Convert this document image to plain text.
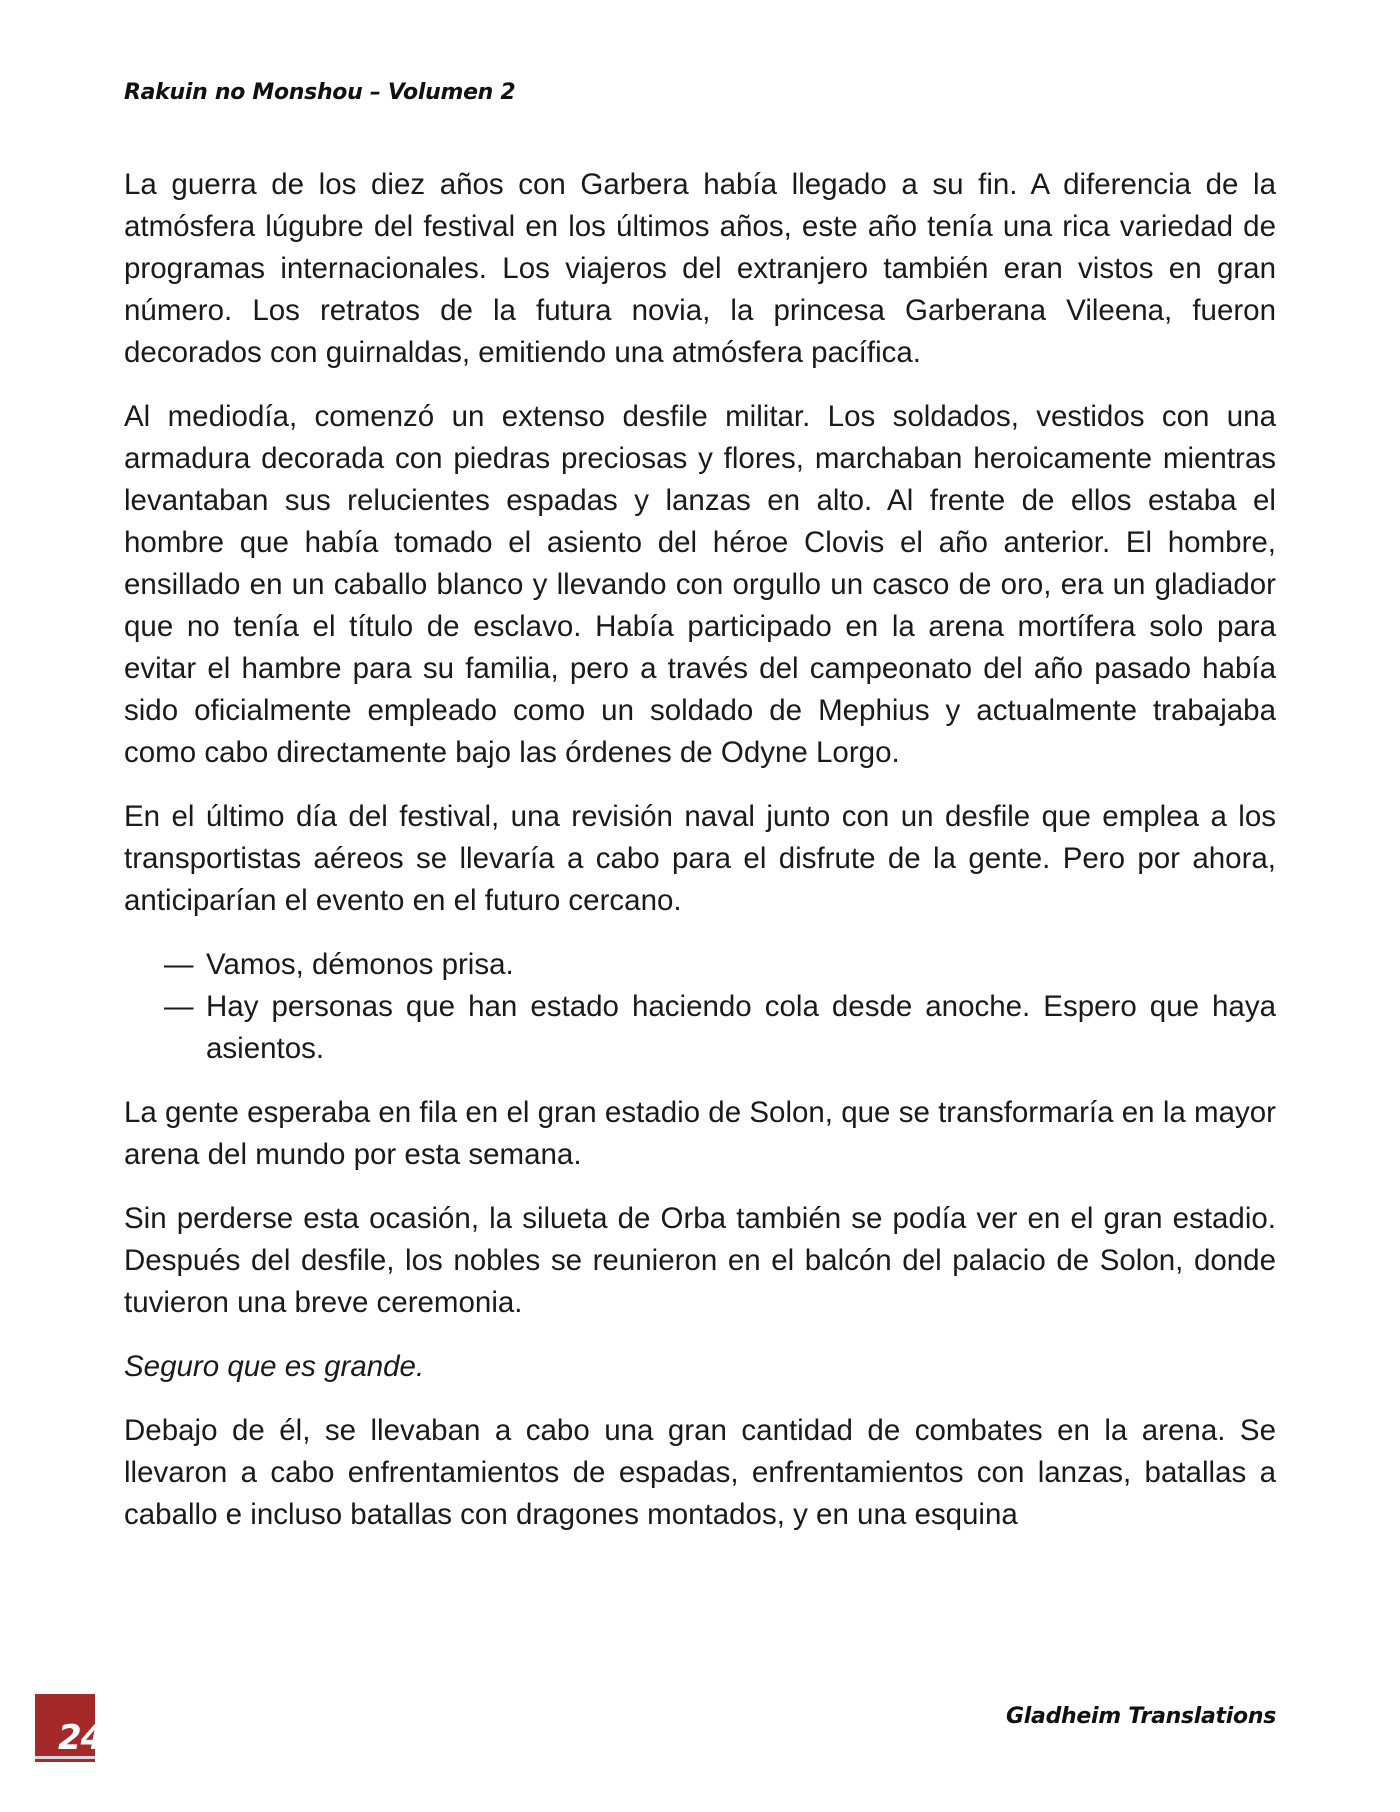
Rakuin no Monshou – Volumen 2

La guerra de los diez años con Garbera había llegado a su fin. A diferencia de la atmósfera lúgubre del festival en los últimos años, este año tenía una rica variedad de programas internacionales. Los viajeros del extranjero también eran vistos en gran número. Los retratos de la futura novia, la princesa Garberana Vileena, fueron decorados con guirnaldas, emitiendo una atmósfera pacífica.

Al mediodía, comenzó un extenso desfile militar. Los soldados, vestidos con una armadura decorada con piedras preciosas y flores, marchaban heroicamente mientras levantaban sus relucientes espadas y lanzas en alto. Al frente de ellos estaba el hombre que había tomado el asiento del héroe Clovis el año anterior. El hombre, ensillado en un caballo blanco y llevando con orgullo un casco de oro, era un gladiador que no tenía el título de esclavo. Había participado en la arena mortífera solo para evitar el hambre para su familia, pero a través del campeonato del año pasado había sido oficialmente empleado como un soldado de Mephius y actualmente trabajaba como cabo directamente bajo las órdenes de Odyne Lorgo.

En el último día del festival, una revisión naval junto con un desfile que emplea a los transportistas aéreos se llevaría a cabo para el disfrute de la gente. Pero por ahora, anticiparían el evento en el futuro cercano.

— Vamos, démonos prisa.
— Hay personas que han estado haciendo cola desde anoche. Espero que haya asientos.

La gente esperaba en fila en el gran estadio de Solon, que se transformaría en la mayor arena del mundo por esta semana.

Sin perderse esta ocasión, la silueta de Orba también se podía ver en el gran estadio. Después del desfile, los nobles se reunieron en el balcón del palacio de Solon, donde tuvieron una breve ceremonia.

Seguro que es grande.

Debajo de él, se llevaban a cabo una gran cantidad de combates en la arena. Se llevaron a cabo enfrentamientos de espadas, enfrentamientos con lanzas, batallas a caballo e incluso batallas con dragones montados, y en una esquina

24
Gladheim Translations
